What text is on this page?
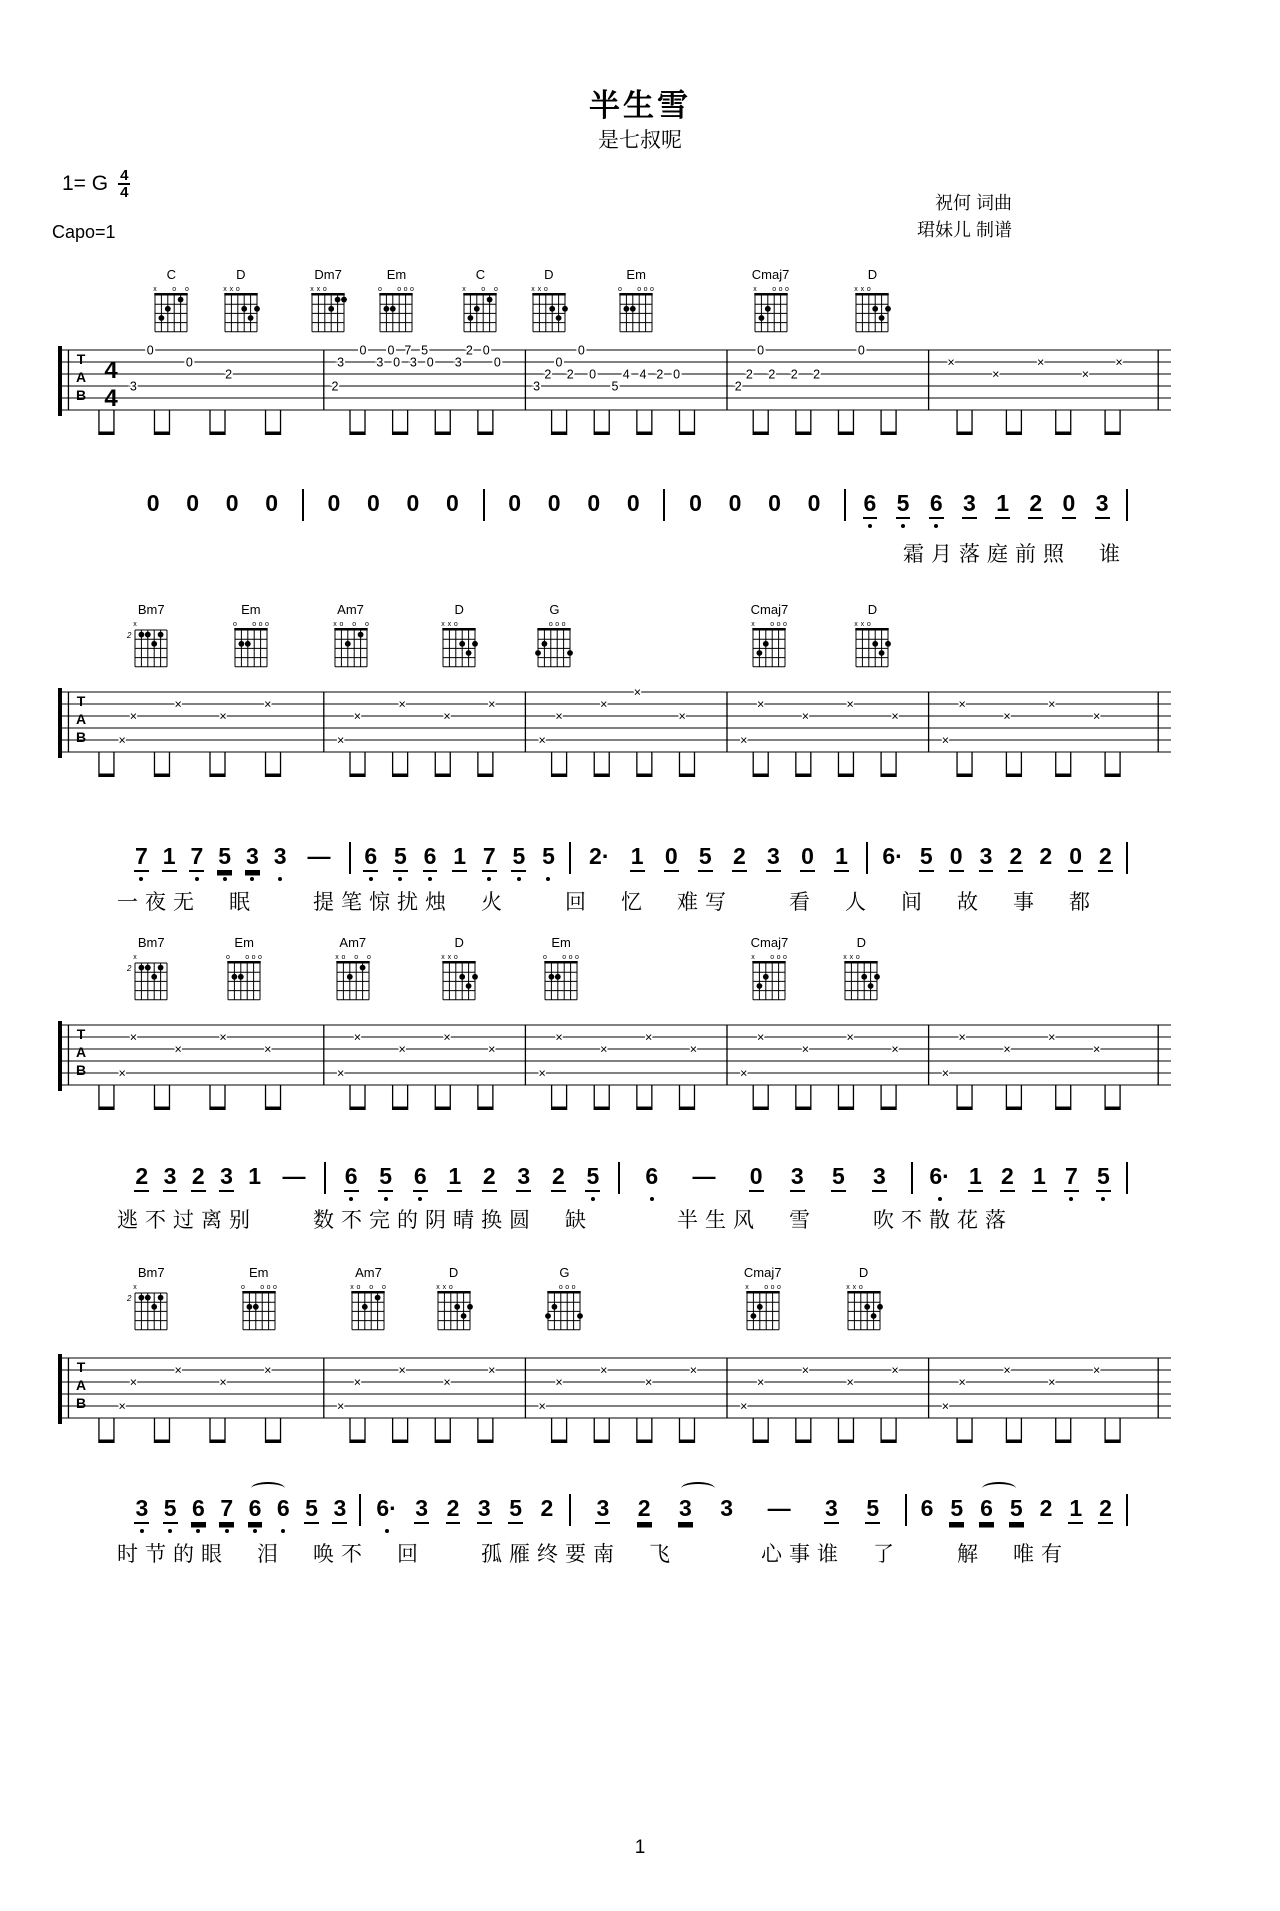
半生雪
是七叔呢
1= G $\frac{4}{4}$
Capo=1
祝何 词曲
珺妹儿 制谱
C
x o o
D
x x o
Dm7
x x o
Em
o o o o
C
x o o
D
x x o
Em
o o o o
Cmaj7
x o o o
D
x x o
T
A
B
4
4
0
0
2
3
3
0
3 0 3 0
0 7 5	2 0
3	0
2
2 2 0
0
0
4 4 2 0
3	5
2 2 2
0
2
2
0
×
×
×
×
×
0 0 0 0 0 0 0 0 0 0 0 0 0 0 0 0 6 5 6 3 1 2 0 3
霜月落庭前照　谁
Bm7
2
x
Em
o o o o
Am7
x o o o
D
x x o
G
o o o
Cmaj7
x o o o
D
x x o
T
A
B
×
×
×
×
×
×
×
×
×
×
×
×
×
×
×
×
×
×
×
×
×	×	×	×	×
7 1 7 5 3 3 — 6 5 6 1 7 5 5 2· 1 0 5 2 3 0 1 6· 5 0 3 2 2 0 2
一夜无　眠　　提笔惊扰烛　火　　回　忆　难写　　看　人　间　故　事　都
Bm7
2
x
Em
o o o o
Am7
x o o o
D
x x o
Em
o o o o
Cmaj7
x o o o
D
x x o
T
A
B
×
×
×
×
×
×
×
×
×
×
×
×
×
×
×
×
×
×
×
×
×	×	×	×	×
2 3 2 3 1 — 6 5 6 1 2 3 2 5 6 — 0 3 5 3 6· 1 2 1 7 5
逃不过离别　　数不完的阴晴换圆　缺　　　半生风　雪　　吹不散花落
Bm7
2
x
Em
o o o o
Am7
x o o o
D
x x o
G
o o o
Cmaj7
x o o o
D
x x o
T
A
B
×
×
×
×
×
×
×
×
×
×
×
×
×
×
×
×
×
×
×
×
×	×	×	×	×
3 5 6 7 6 6 5 3 6· 3 2 3 5 2 3 2 3 3 — 3 5 6 5 6 5 2 1 2
时节的眼　泪　唤不　回　　孤雁终要南　飞　　　心事谁　了　　解　唯有
1
